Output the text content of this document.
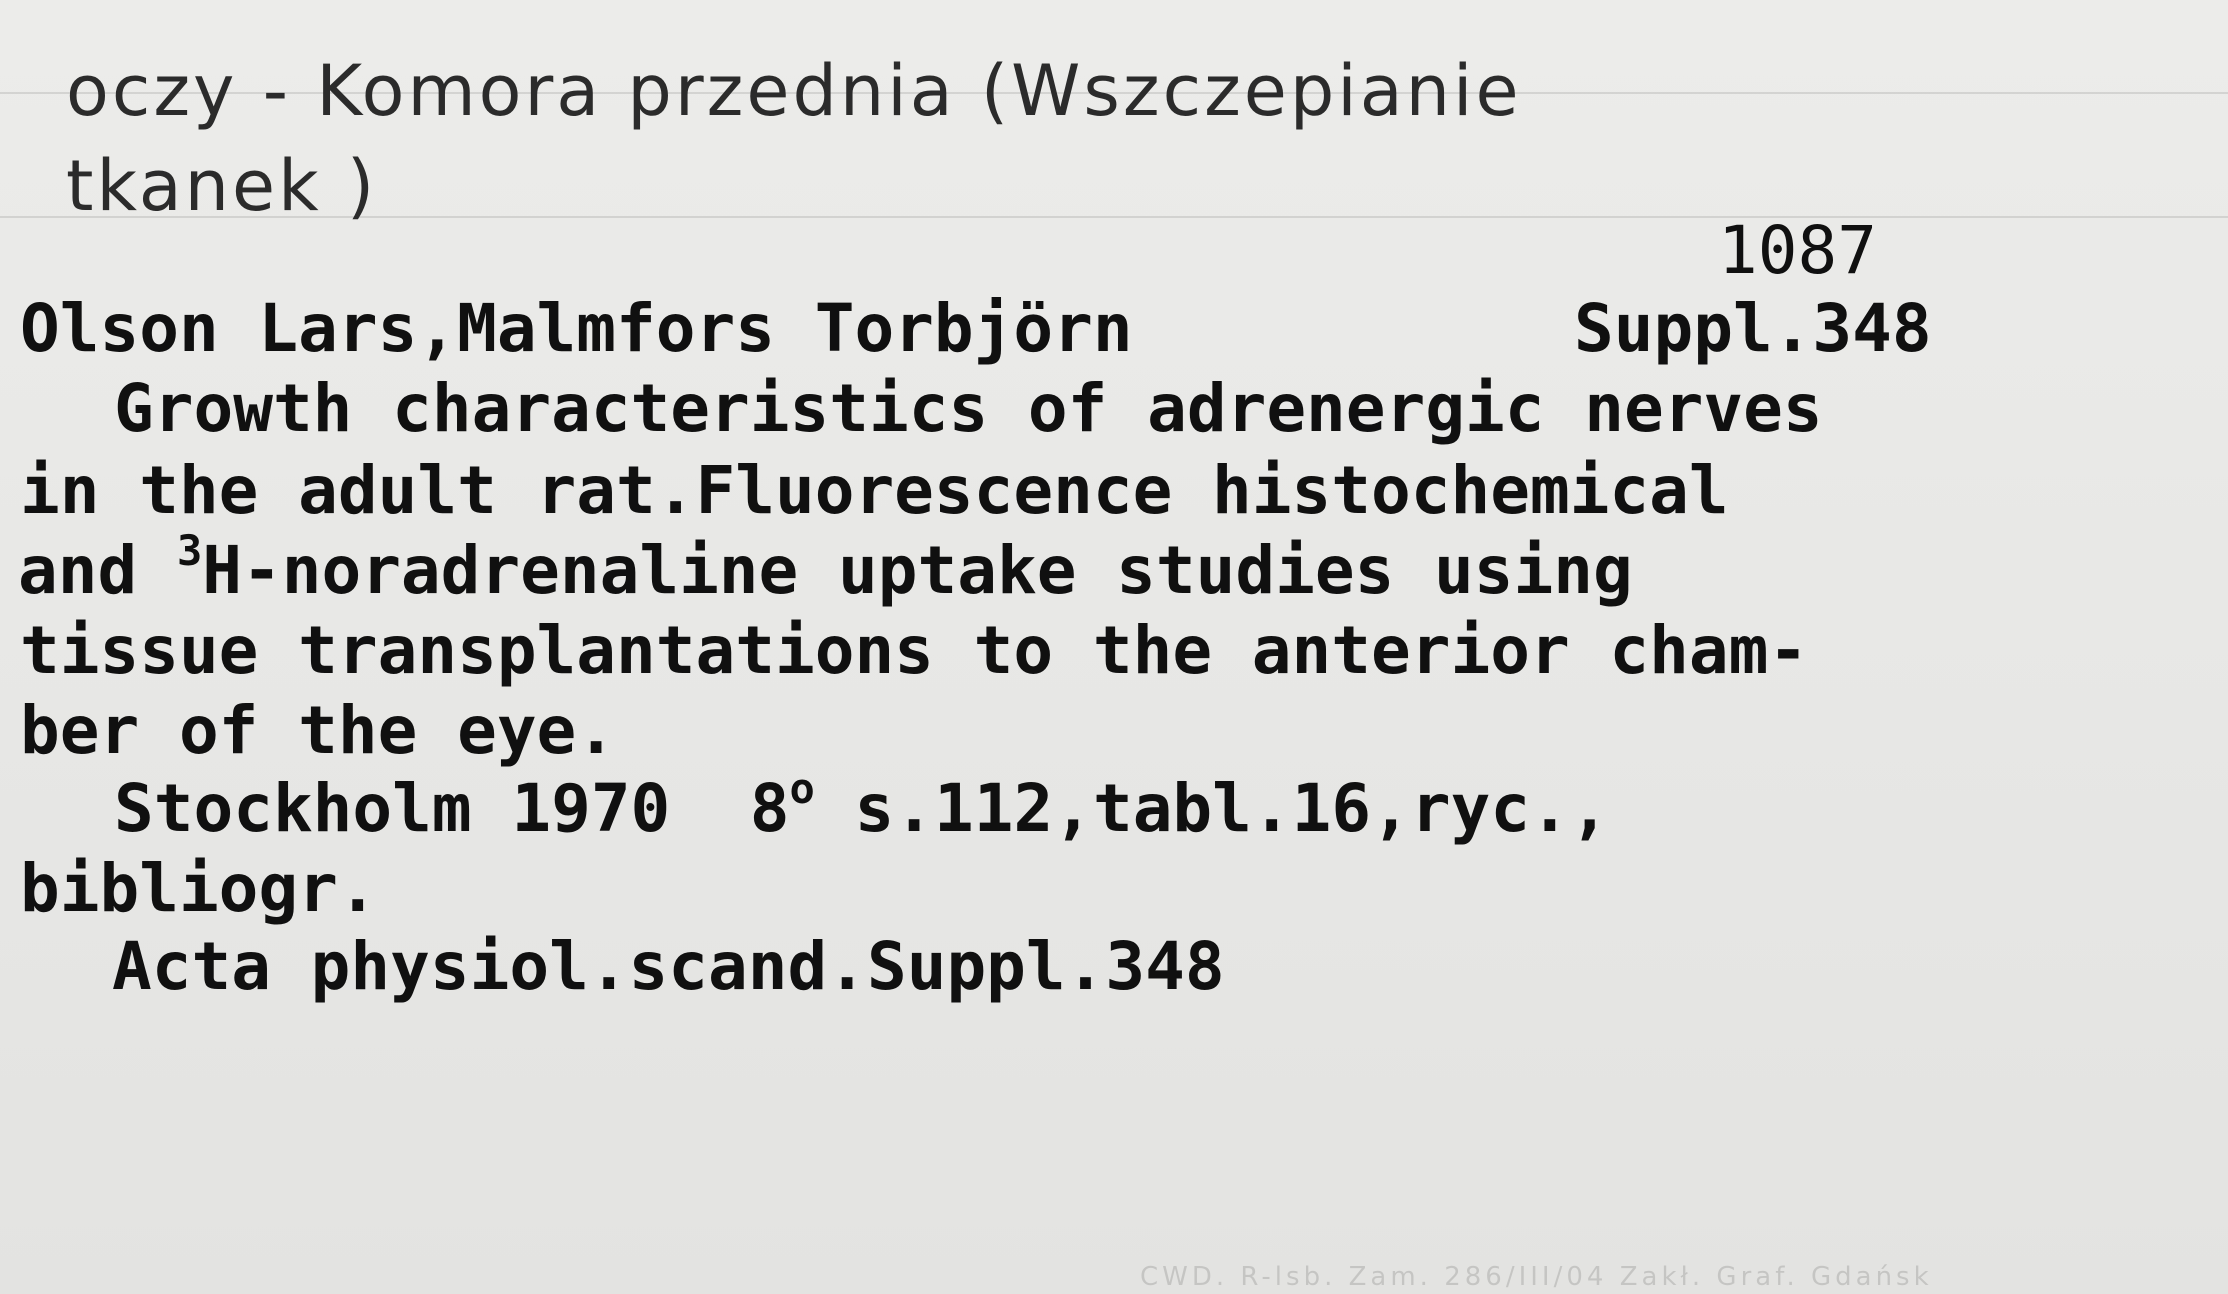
oczy - Komora przednia (Wszczepianie
tkanek )
1087
Olson Lars,Malmfors Torbjörn	Suppl.348
Growth characteristics of adrenergic nerves
in the adult rat.Fluorescence histochemical
and $^3$H-noradrenaline uptake studies using
tissue transplantations to the anterior cham-
ber of the eye.
Stockholm 1970  8$^o$ s.112,tabl.16,ryc.,
bibliogr.
Acta physiol.scand.Suppl.348
CWD. R-lsb. Zam. 286/III/04 Zakł. Graf. Gdańsk
